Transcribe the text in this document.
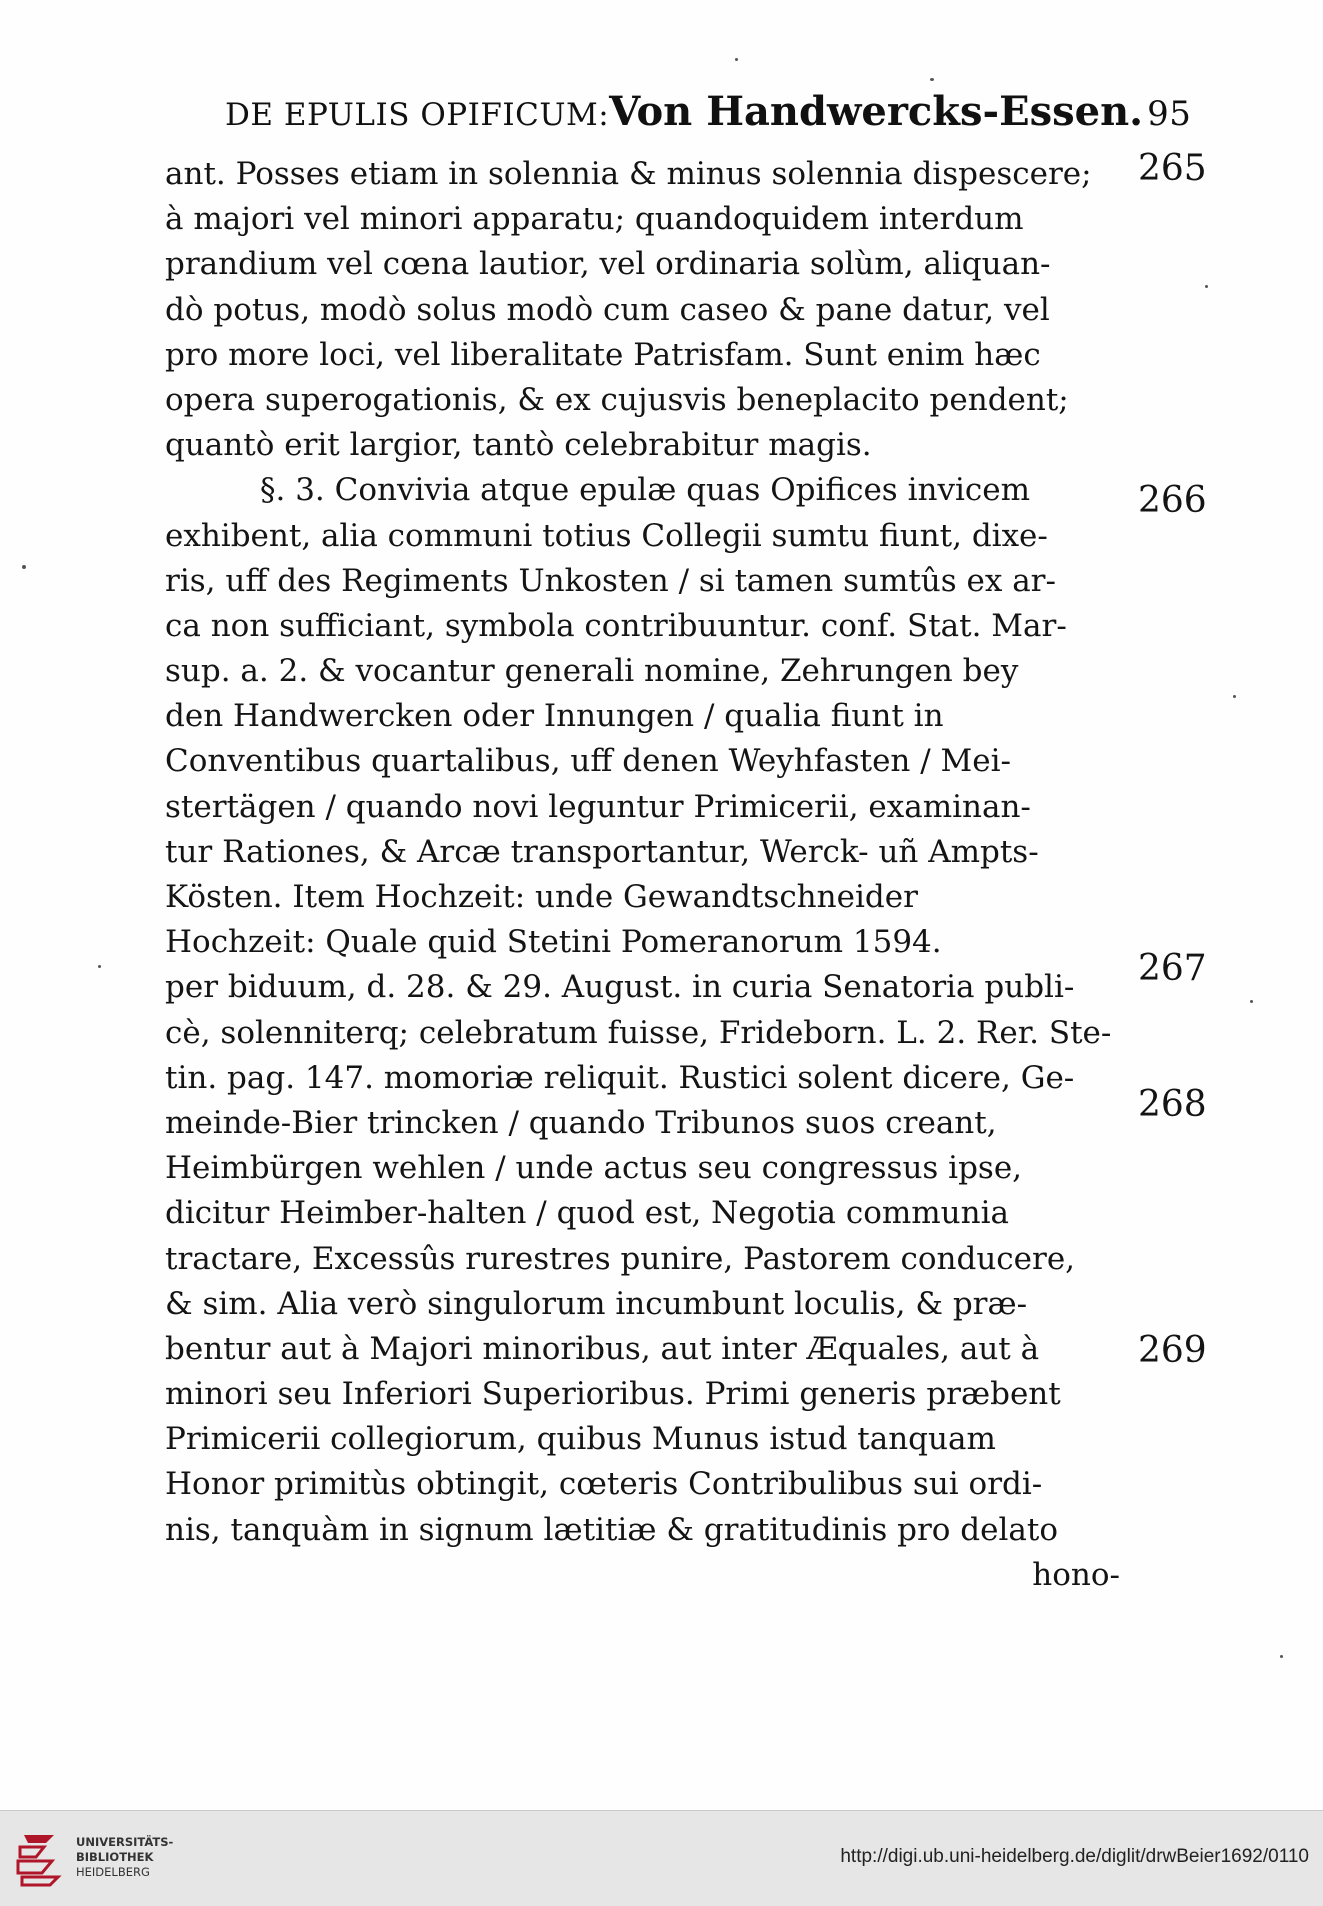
DE EPULIS OPIFICUM:Von Handwercks-Essen. 95
ant. Posses etiam in solennia & minus solennia dispescere;
à majori vel minori apparatu; quandoquidem interdum
prandium vel cœna lautior, vel ordinaria solùm, aliquan-
dò potus, modò solus modò cum caseo & pane datur, vel
pro more loci, vel liberalitate Patrisfam. Sunt enim hæc
opera superogationis, & ex cujusvis beneplacito pendent;
quantò erit largior, tantò celebrabitur magis.
§. 3. Convivia atque epulæ quas Opifices invicem
exhibent, alia communi totius Collegii sumtu fiunt, dixe-
ris, uff des Regiments Unkosten / si tamen sumtûs ex ar-
ca non sufficiant, symbola contribuuntur. conf. Stat. Mar-
sup. a. 2. & vocantur generali nomine, Zehrungen bey
den Handwercken oder Innungen / qualia fiunt in
Conventibus quartalibus, uff denen Weyhfasten / Mei-
stertägen / quando novi leguntur Primicerii, examinan-
tur Rationes, & Arcæ transportantur, Werck- uñ Ampts-
Kösten. Item Hochzeit: unde Gewandtschneider
Hochzeit: Quale quid Stetini Pomeranorum 1594.
per biduum, d. 28. & 29. August. in curia Senatoria publi-
cè, solenniterq; celebratum fuisse, Frideborn. L. 2. Rer. Ste-
tin. pag. 147. momoriæ reliquit. Rustici solent dicere, Ge-
meinde-Bier trincken / quando Tribunos suos creant,
Heimbürgen wehlen / unde actus seu congressus ipse,
dicitur Heimber-halten / quod est, Negotia communia
tractare, Excessûs rurestres punire, Pastorem conducere,
& sim. Alia verò singulorum incumbunt loculis, & præ-
bentur aut à Majori minoribus, aut inter Æquales, aut à
minori seu Inferiori Superioribus. Primi generis præbent
Primicerii collegiorum, quibus Munus istud tanquam
Honor primitùs obtingit, cœteris Contribulibus sui ordi-
nis, tanquàm in signum lætitiæ & gratitudinis pro delato
hono-
265
266
267
268
269
UNIVERSITÄTS-
BIBLIOTHEK
HEIDELBERG
http://digi.ub.uni-heidelberg.de/diglit/drwBeier1692/0110
